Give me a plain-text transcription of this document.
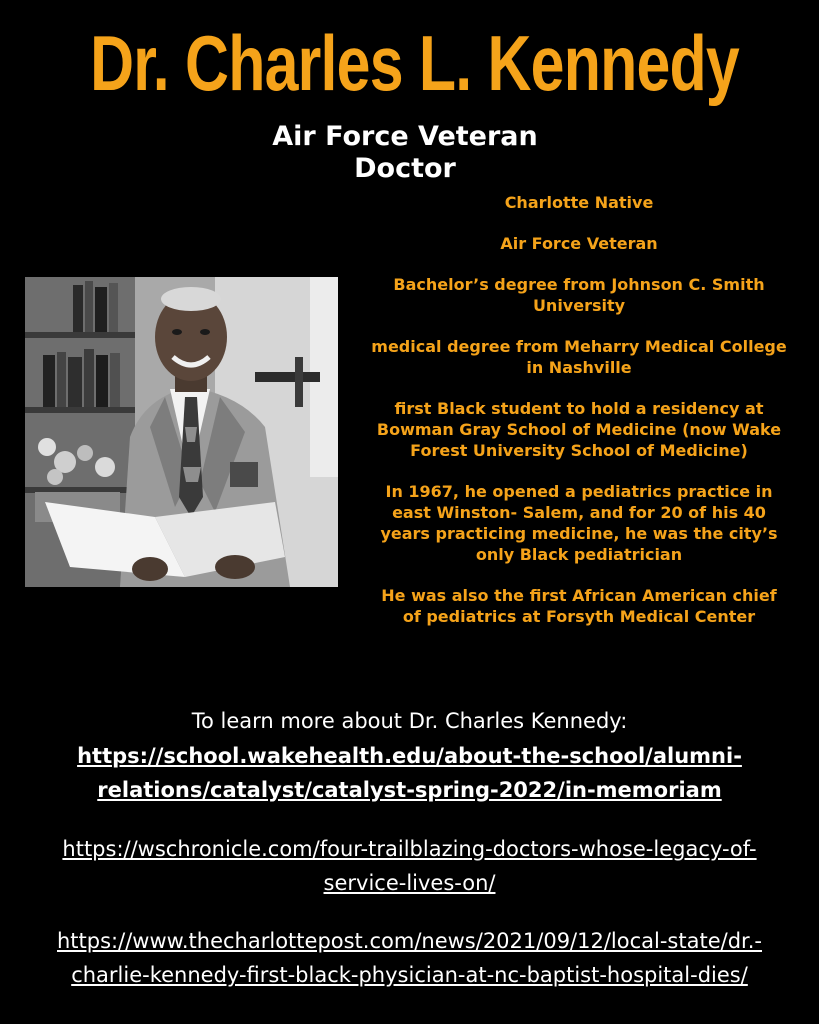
Dr. Charles L. Kennedy
Air Force Veteran
Doctor
Charlotte Native
Air Force Veteran
Bachelor’s degree from Johnson C. Smith University
medical degree from Meharry Medical College in Nashville
first Black student to hold a residency at Bowman Gray School of Medicine (now Wake Forest University School of Medicine)
In 1967, he opened a pediatrics practice in east Winston- Salem, and for 20 of his 40 years practicing medicine, he was the city’s only Black pediatrician
He was also the first African American chief of pediatrics at Forsyth Medical Center
To learn more about Dr. Charles Kennedy:
https://school.wakehealth.edu/about-the-school/alumni-relations/catalyst/catalyst-spring-2022/in-memoriam
https://wschronicle.com/four-trailblazing-doctors-whose-legacy-of-service-lives-on/
https://www.thecharlottepost.com/news/2021/09/12/local-state/dr.-charlie-kennedy-first-black-physician-at-nc-baptist-hospital-dies/
